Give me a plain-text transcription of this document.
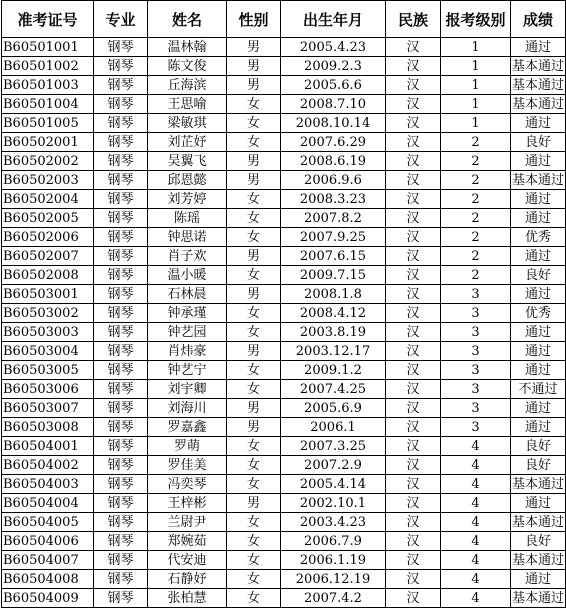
准考证号	专业	姓名	性别	出生年月	民族	报考级别	成绩
B60501001	钢琴	温林翰	男	2005.4.23	汉	1	通过
B60501002	钢琴	陈文俊	男	2009.2.3	汉	1	基本通过
B60501003	钢琴	丘海滨	男	2005.6.6	汉	1	基本通过
B60501004	钢琴	王思喻	女	2008.7.10	汉	1	基本通过
B60501005	钢琴	梁敏琪	女	2008.10.14	汉	1	通过
B60502001	钢琴	刘芷妤	女	2007.6.29	汉	2	良好
B60502002	钢琴	吴翼飞	男	2008.6.19	汉	2	通过
B60502003	钢琴	邱恩懿	男	2006.9.6	汉	2	基本通过
B60502004	钢琴	刘芳婷	女	2008.3.23	汉	2	通过
B60502005	钢琴	陈瑶	女	2007.8.2	汉	2	通过
B60502006	钢琴	钟思诺	女	2007.9.25	汉	2	优秀
B60502007	钢琴	肖子欢	男	2007.6.15	汉	2	通过
B60502008	钢琴	温小暖	女	2009.7.15	汉	2	良好
B60503001	钢琴	石林晨	男	2008.1.8	汉	3	通过
B60503002	钢琴	钟承瑾	女	2008.4.12	汉	3	优秀
B60503003	钢琴	钟艺园	女	2003.8.19	汉	3	通过
B60503004	钢琴	肖炜豪	男	2003.12.17	汉	3	通过
B60503005	钢琴	钟艺宁	女	2009.1.2	汉	3	通过
B60503006	钢琴	刘宇卿	女	2007.4.25	汉	3	不通过
B60503007	钢琴	刘海川	男	2005.6.9	汉	3	通过
B60503008	钢琴	罗嘉鑫	男	2006.1	汉	3	通过
B60504001	钢琴	罗萌	女	2007.3.25	汉	4	良好
B60504002	钢琴	罗佳美	女	2007.2.9	汉	4	良好
B60504003	钢琴	冯奕琴	女	2005.4.14	汉	4	基本通过
B60504004	钢琴	王梓彬	男	2002.10.1	汉	4	通过
B60504005	钢琴	兰尉尹	女	2003.4.23	汉	4	基本通过
B60504006	钢琴	郑婉茹	女	2006.7.9	汉	4	良好
B60504007	钢琴	代安迪	女	2006.1.19	汉	4	基本通过
B60504008	钢琴	石静妤	女	2006.12.19	汉	4	通过
B60504009	钢琴	张柏慧	女	2007.4.2	汉	4	基本通过
